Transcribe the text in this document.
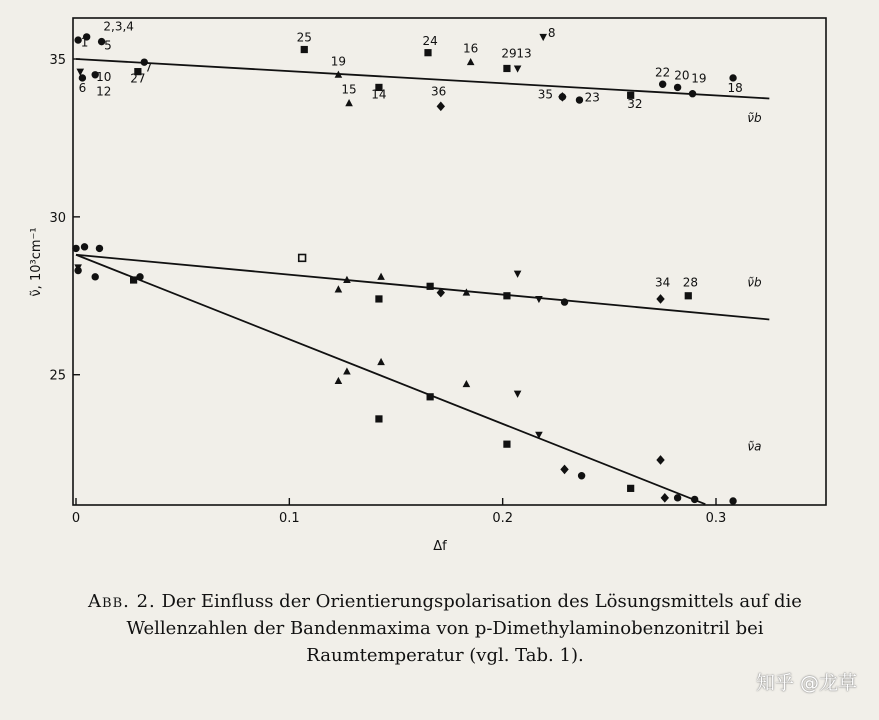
0	0.1	0.2	0.3
25
30
35
1
2,3,4
5
10
6 12
27
7
25
19
15 14
24
16
36
29 13
8
35	23 32
22 20 19
18
34 28
ν̃b
ν̃b
ν̃a
Δf
ν̃, 10³cm⁻¹
Abb. 2. Der Einfluss der Orientierungspolarisation des Lösungsmittels auf die Wellenzahlen der Bandenmaxima von p-Dimethylaminobenzonitril bei Raumtemperatur (vgl. Tab. 1).
知乎 @龙草
